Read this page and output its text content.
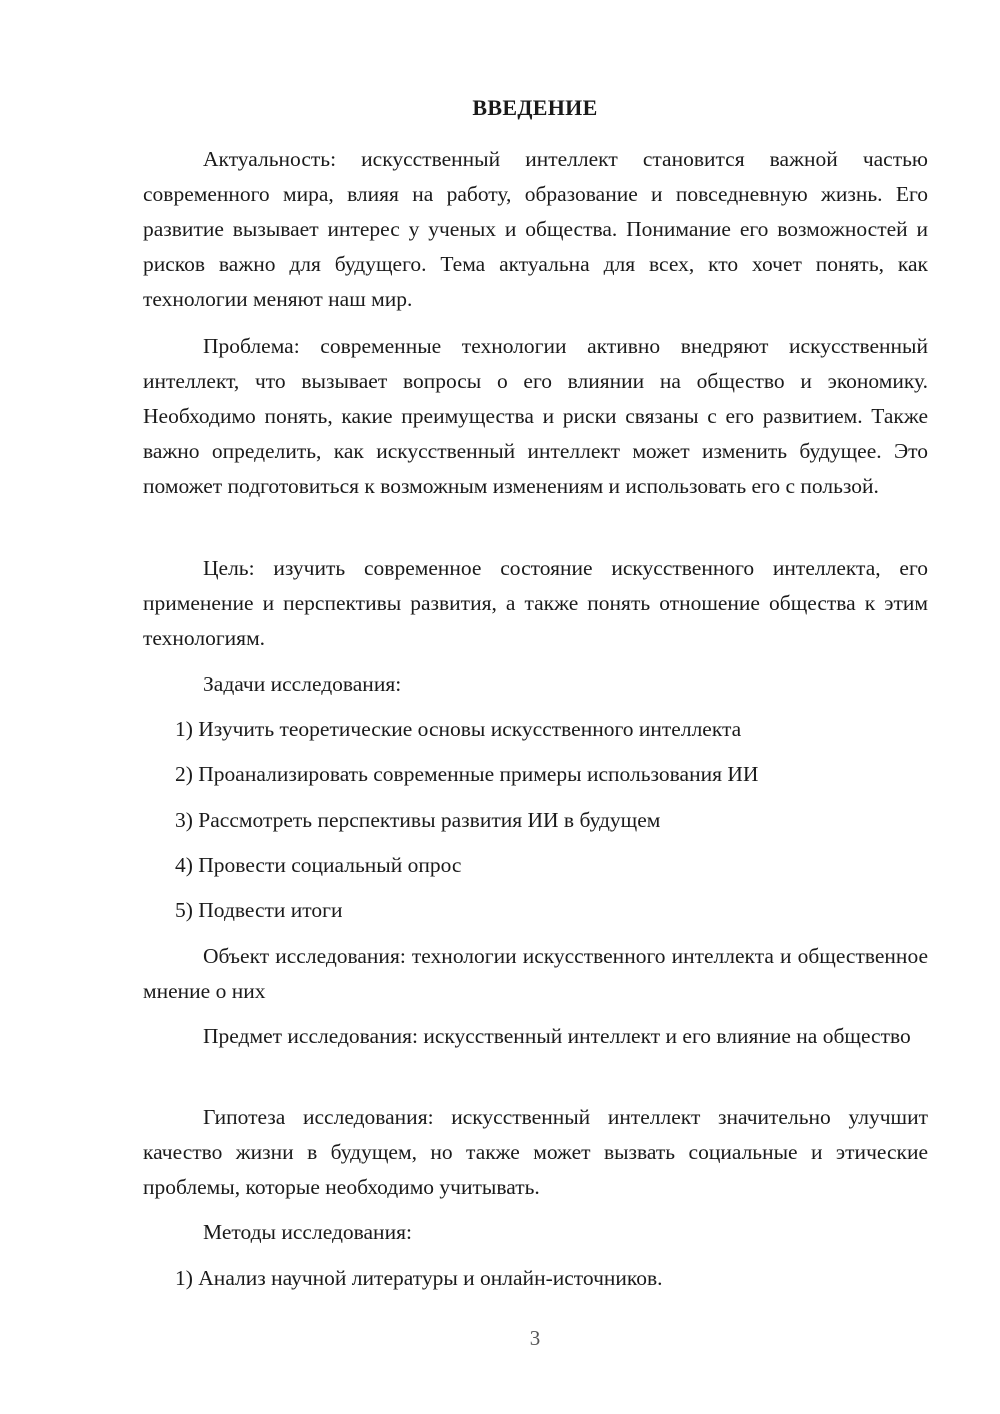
ВВЕДЕНИЕ

Актуальность: искусственный интеллект становится важной частью современного мира, влияя на работу, образование и повседневную жизнь. Его развитие вызывает интерес у ученых и общества. Понимание его возможностей и рисков важно для будущего. Тема актуальна для всех, кто хочет понять, как технологии меняют наш мир.

Проблема: современные технологии активно внедряют искусственный интеллект, что вызывает вопросы о его влиянии на общество и экономику. Необходимо понять, какие преимущества и риски связаны с его развитием. Также важно определить, как искусственный интеллект может изменить будущее. Это поможет подготовиться к возможным изменениям и использовать его с пользой.

Цель: изучить современное состояние искусственного интеллекта, его применение и перспективы развития, а также понять отношение общества к этим технологиям.

Задачи исследования:
1) Изучить теоретические основы искусственного интеллекта
2) Проанализировать современные примеры использования ИИ
3) Рассмотреть перспективы развития ИИ в будущем
4) Провести социальный опрос
5) Подвести итоги

Объект исследования: технологии искусственного интеллекта и общественное мнение о них

Предмет исследования: искусственный интеллект и его влияние на общество

Гипотеза исследования: искусственный интеллект значительно улучшит качество жизни в будущем, но также может вызвать социальные и этические проблемы, которые необходимо учитывать.

Методы исследования:
1) Анализ научной литературы и онлайн-источников.
3
